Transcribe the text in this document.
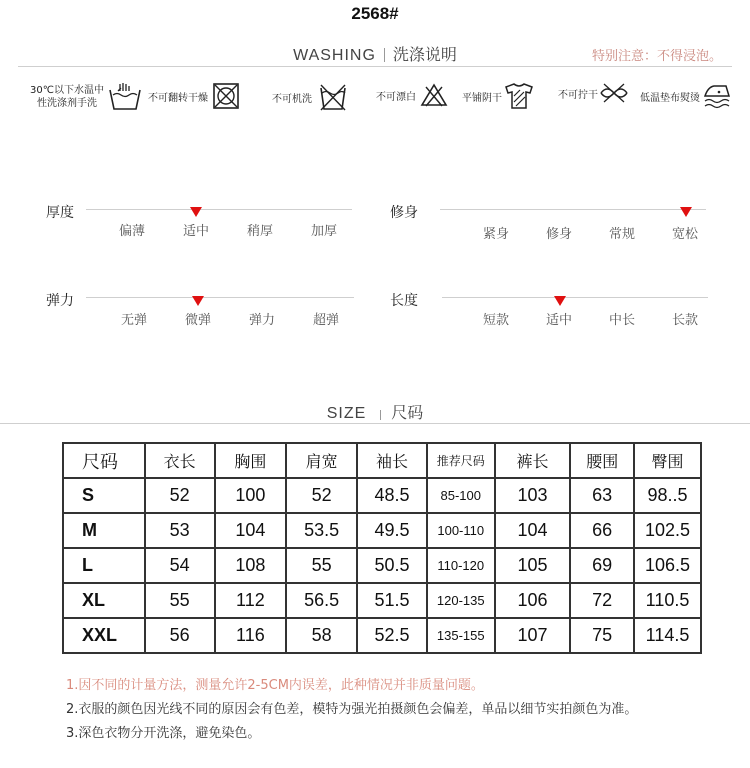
2568#
WASHING 洗涤说明	特别注意：不得浸泡。
30℃以下水温中
性洗涤剂手洗	不可翻转干燥	不可机洗	不可漂白	平铺阴干	不可拧干	低温垫布熨烫
厚度
偏薄	适中	稍厚	加厚
修身
紧身	修身	常规	宽松
弹力
无弹	微弹	弹力	超弹
长度
短款	适中	中长	长款
SIZE 尺码
尺码	衣长	胸围	肩宽	袖长	推荐尺码	裤长	腰围	臀围
S	52	100	52	48.5	85-100	103	63	98..5
M	53	104	53.5	49.5	100-110	104	66	102.5
L	54	108	55	50.5	110-120	105	69	106.5
XL	55	112	56.5	51.5	120-135	106	72	110.5
XXL	56	116	58	52.5	135-155	107	75	114.5
1.因不同的计量方法，测量允许2-5CM内误差，此种情况并非质量问题。
2.衣服的颜色因光线不同的原因会有色差，模特为强光拍摄颜色会偏差，单品以细节实拍颜色为准。
3.深色衣物分开洗涤，避免染色。
